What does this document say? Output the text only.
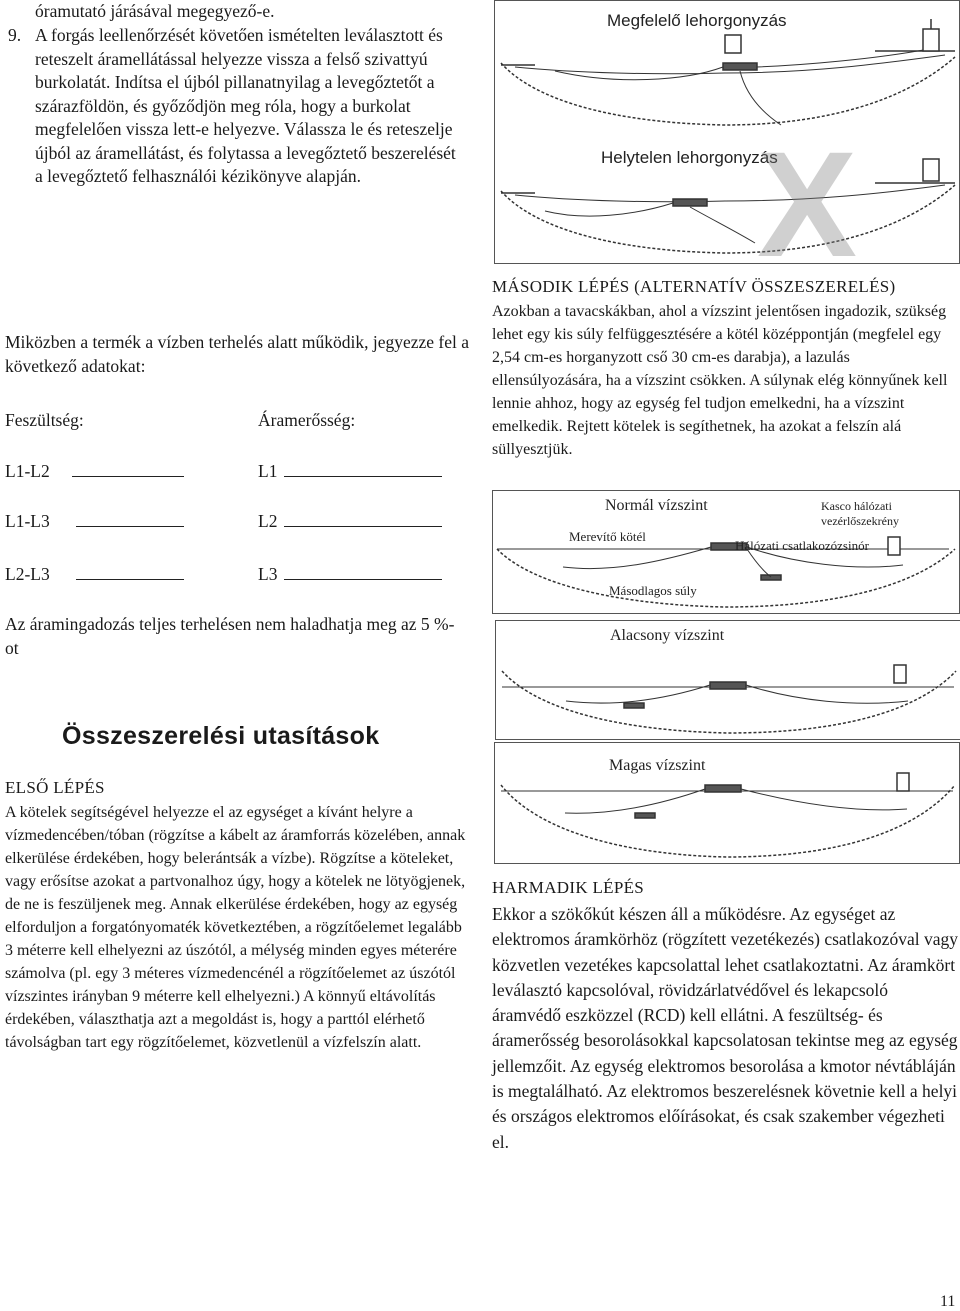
óramutató járásával megegyező-e.

9. A forgás leellenőrzését követően ismételten leválasztott és reteszelt áramellátással helyezze vissza a felső szivattyú burkolatát. Indítsa el újból pillanatnyilag a levegőztetőt a szárazföldön, és győződjön meg róla, hogy a burkolat megfelelően vissza lett-e helyezve. Válassza le és reteszelje újból az áramellátást, és folytassa a levegőztető beszerelését a levegőztető felhasználói kézikönyve alapján.

Miközben a termék a vízben terhelés alatt működik, jegyezze fel a következő adatokat:

Feszültség:	Áramerősség:
L1-L2
L1-L3
L2-L3
L1
L2
L3

Az áramingadozás teljes terhelésen nem haladhatja meg az 5 %-ot

Összeszerelési utasítások
ELSŐ LÉPÉS

A kötelek segítségével helyezze el az egységet a kívánt helyre a vízmedencében/tóban (rögzítse a kábelt az áramforrás közelében, annak elkerülése érdekében, hogy belerántsák a vízbe). Rögzítse a köteleket, vagy erősítse azokat a partvonalhoz úgy, hogy a kötelek ne lötyögjenek, de ne is feszüljenek meg. Annak elkerülése érdekében, hogy az egység elforduljon a forgatónyomaték következtében, a rögzítőelemet legalább 3 méterre kell elhelyezni az úszótól, a mélység minden egyes méterére számolva (pl. egy 3 méteres vízmedencénél a rögzítőelemet az úszótól vízszintes irányban 9 méterre kell elhelyezni.) A könnyű eltávolítás érdekében, választhatja azt a megoldást is, hogy a parttól elérhető távolságban tart egy rögzítőelemet, közvetlenül a vízfelszín alatt.

Megfelelő lehorgonyzás
Helytelen lehorgonyzás
X
MÁSODIK LÉPÉS (ALTERNATÍV ÖSSZESZERELÉS)

Azokban a tavacskákban, ahol a vízszint jelentősen ingadozik, szükség lehet egy kis súly felfüggesztésére a kötél középpontján (megfelel egy 2,54 cm-es horganyzott cső 30 cm-es darabja), a lazulás ellensúlyozására, ha a vízszint csökken. A súlynak elég könnyűnek kell lennie ahhoz, hogy az egység fel tudjon emelkedni, ha a vízszint emelkedik. Rejtett kötelek is segíthetnek, ha azokat a felszín alá süllyesztjük.

Normál vízszint	Kasco hálózati
vezérlőszekrény
Merevítő kötél
Hálózati csatlakozózsinór
Másodlagos súly
Alacsony vízszint
Magas vízszint
HARMADIK LÉPÉS

Ekkor a szökőkút készen áll a működésre. Az egységet az elektromos áramkörhöz (rögzített vezetékezés) csatlakozóval vagy közvetlen vezetékes kapcsolattal lehet csatlakoztatni. Az áramkört leválasztó kapcsolóval, rövidzárlatvédővel és lekapcsoló áramvédő eszközzel (RCD) kell ellátni. A feszültség- és áramerősség besorolásokkal kapcsolatosan tekintse meg az egység jellemzőit. Az egység elektromos besorolása a kmotor névtábláján is megtalálható. Az elektromos beszerelésnek követnie kell a helyi és országos elektromos előírásokat, és csak szakember végezheti el.

11
